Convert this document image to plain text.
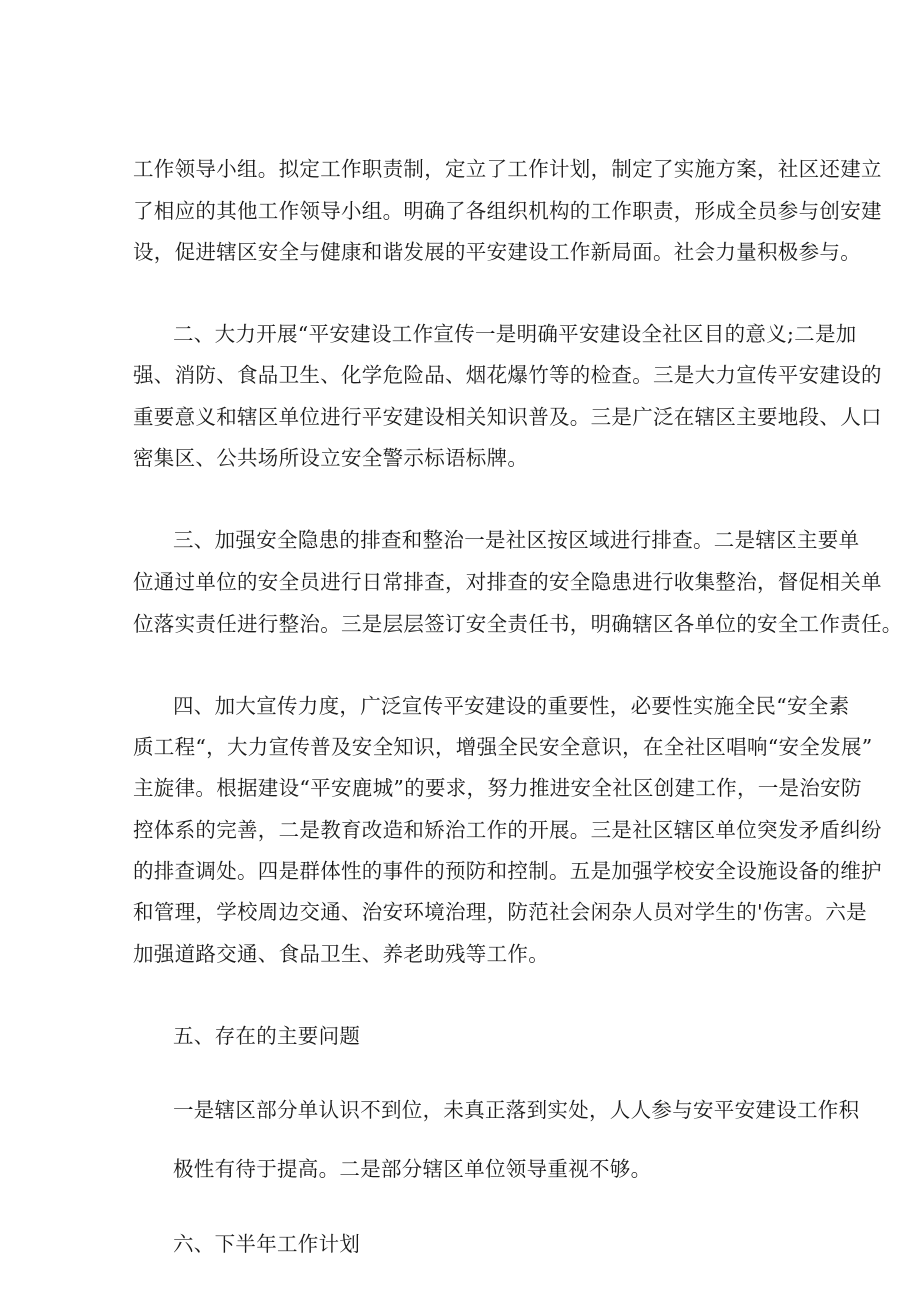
工作领导小组。拟定工作职责制，定立了工作计划，制定了实施方案，社区还建立
了相应的其他工作领导小组。明确了各组织机构的工作职责，形成全员参与创安建
设，促进辖区安全与健康和谐发展的平安建设工作新局面。社会力量积极参与。
二、大力开展“平安建设工作宣传一是明确平安建设全社区目的意义;二是加
强、消防、食品卫生、化学危险品、烟花爆竹等的检查。三是大力宣传平安建设的
重要意义和辖区单位进行平安建设相关知识普及。三是广泛在辖区主要地段、人口
密集区、公共场所设立安全警示标语标牌。
三、加强安全隐患的排查和整治一是社区按区域进行排查。二是辖区主要单
位通过单位的安全员进行日常排查，对排查的安全隐患进行收集整治，督促相关单
位落实责任进行整治。三是层层签订安全责任书，明确辖区各单位的安全工作责任。
四、加大宣传力度，广泛宣传平安建设的重要性，必要性实施全民“安全素
质工程“，大力宣传普及安全知识，增强全民安全意识，在全社区唱响“安全发展”
主旋律。根据建设“平安鹿城”的要求，努力推进安全社区创建工作，一是治安防
控体系的完善，二是教育改造和矫治工作的开展。三是社区辖区单位突发矛盾纠纷
的排查调处。四是群体性的事件的预防和控制。五是加强学校安全设施设备的维护
和管理，学校周边交通、治安环境治理，防范社会闲杂人员对学生的'伤害。六是
加强道路交通、食品卫生、养老助残等工作。
五、存在的主要问题
一是辖区部分单认识不到位，未真正落到实处，人人参与安平安建设工作积
极性有待于提高。二是部分辖区单位领导重视不够。
六、下半年工作计划
